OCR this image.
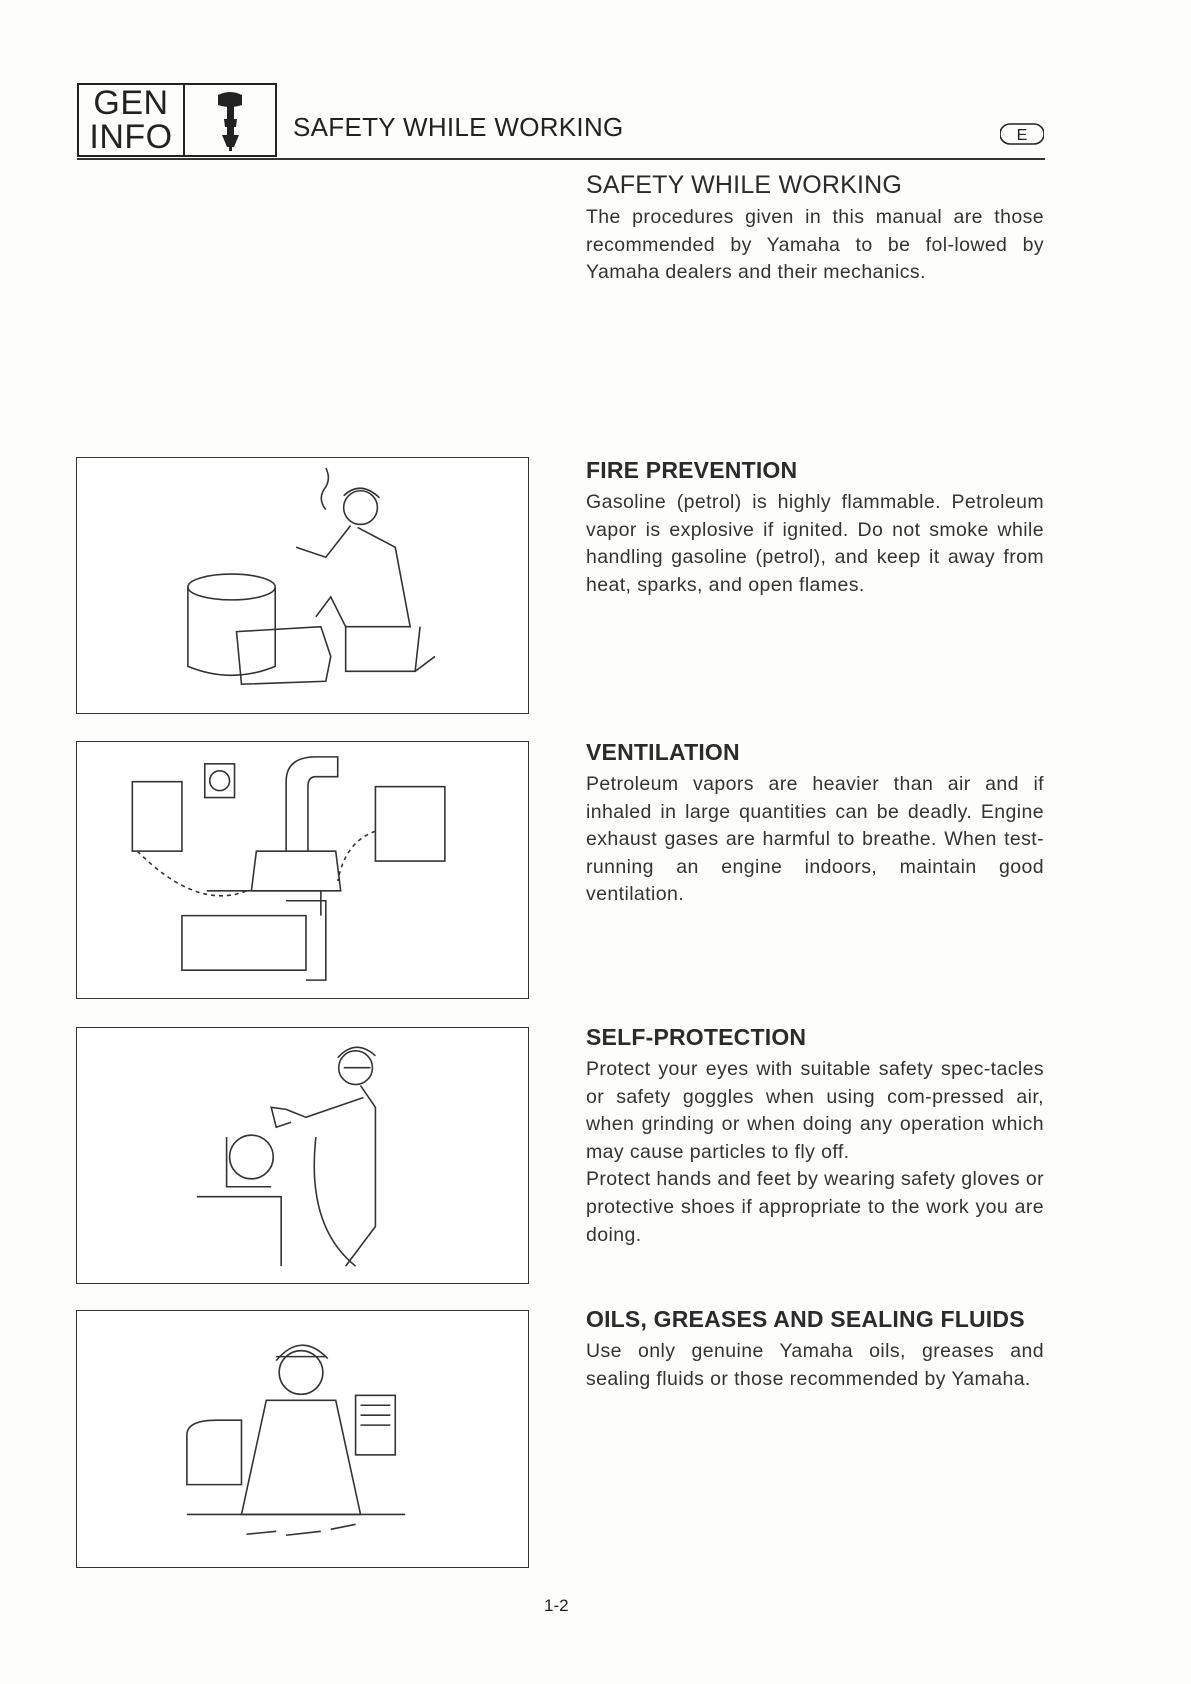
GEN
INFO	SAFETY WHILE WORKING	E
SAFETY WHILE WORKING

The procedures given in this manual are those recommended by Yamaha to be fol-lowed by Yamaha dealers and their mechanics.

FIRE PREVENTION

Gasoline (petrol) is highly flammable. Petroleum vapor is explosive if ignited. Do not smoke while handling gasoline (petrol), and keep it away from heat, sparks, and open flames.

VENTILATION

Petroleum vapors are heavier than air and if inhaled in large quantities can be deadly. Engine exhaust gases are harmful to breathe. When test-running an engine indoors, maintain good ventilation.

SELF-PROTECTION

Protect your eyes with suitable safety spec-tacles or safety goggles when using com-pressed air, when grinding or when doing any operation which may cause particles to fly off.

Protect hands and feet by wearing safety gloves or protective shoes if appropriate to the work you are doing.

OILS, GREASES AND SEALING FLUIDS

Use only genuine Yamaha oils, greases and sealing fluids or those recommended by Yamaha.

1-2
